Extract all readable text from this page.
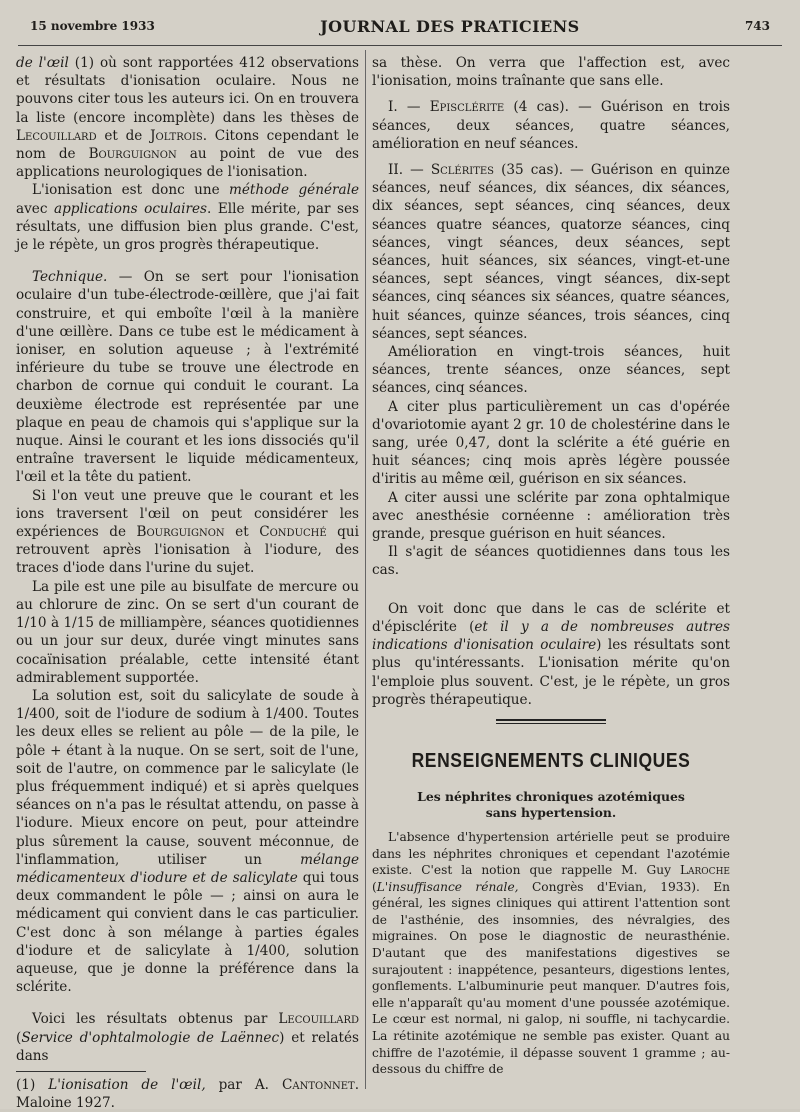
15 novembre 1933	JOURNAL DES PRATICIENS	743

de l'œil (1) où sont rapportées 412 observations et résultats d'ionisation oculaire. Nous ne pouvons citer tous les auteurs ici. On en trouvera la liste (encore incomplète) dans les thèses de Lecouillard et de Joltrois. Citons cependant le nom de Bourguignon au point de vue des applications neurologiques de l'ionisation.

L'ionisation est donc une méthode générale avec applications oculaires. Elle mérite, par ses résultats, une diffusion bien plus grande. C'est, je le répète, un gros progrès thérapeutique.

Technique. — On se sert pour l'ionisation oculaire d'un tube-électrode-œillère, que j'ai fait construire, et qui emboîte l'œil à la manière d'une œillère. Dans ce tube est le médicament à ioniser, en solution aqueuse ; à l'extrémité inférieure du tube se trouve une électrode en charbon de cornue qui conduit le courant. La deuxième électrode est représentée par une plaque en peau de chamois qui s'applique sur la nuque. Ainsi le courant et les ions dissociés qu'il entraîne traversent le liquide médicamenteux, l'œil et la tête du patient.

Si l'on veut une preuve que le courant et les ions traversent l'œil on peut considérer les expériences de Bourguignon et Conduché qui retrouvent après l'ionisation à l'iodure, des traces d'iode dans l'urine du sujet.

La pile est une pile au bisulfate de mercure ou au chlorure de zinc. On se sert d'un courant de 1/10 à 1/15 de milliampère, séances quotidiennes ou un jour sur deux, durée vingt minutes sans cocaïnisation préalable, cette intensité étant admirablement supportée.

La solution est, soit du salicylate de soude à 1/400, soit de l'iodure de sodium à 1/400. Toutes les deux elles se relient au pôle — de la pile, le pôle + étant à la nuque. On se sert, soit de l'une, soit de l'autre, on commence par le salicylate (le plus fréquemment indiqué) et si après quelques séances on n'a pas le résultat attendu, on passe à l'iodure. Mieux encore on peut, pour atteindre plus sûrement la cause, souvent méconnue, de l'inflammation, utiliser un mélange médicamenteux d'iodure et de salicylate qui tous deux commandent le pôle — ; ainsi on aura le médicament qui convient dans le cas particulier. C'est donc à son mélange à parties égales d'iodure et de salicylate à 1/400, solution aqueuse, que je donne la préférence dans la sclérite.

Voici les résultats obtenus par Lecouillard (Service d'ophtalmologie de Laënnec) et relatés dans

(1) L'ionisation de l'œil, par A. Cantonnet. Maloine 1927.

sa thèse. On verra que l'affection est, avec l'ionisation, moins traînante que sans elle.

I. — Episclérite (4 cas). — Guérison en trois séances, deux séances, quatre séances, amélioration en neuf séances.

II. — Sclérites (35 cas). — Guérison en quinze séances, neuf séances, dix séances, dix séances, dix séances, sept séances, cinq séances, deux séances quatre séances, quatorze séances, cinq séances, vingt séances, deux séances, sept séances, huit séances, six séances, vingt-et-une séances, sept séances, vingt séances, dix-sept séances, cinq séances six séances, quatre séances, huit séances, quinze séances, trois séances, cinq séances, sept séances.

Amélioration en vingt-trois séances, huit séances, trente séances, onze séances, sept séances, cinq séances.

A citer plus particulièrement un cas d'opérée d'ovariotomie ayant 2 gr. 10 de cholestérine dans le sang, urée 0,47, dont la sclérite a été guérie en huit séances; cinq mois après légère poussée d'iritis au même œil, guérison en six séances.

A citer aussi une sclérite par zona ophtalmique avec anesthésie cornéenne : amélioration très grande, presque guérison en huit séances.

Il s'agit de séances quotidiennes dans tous les cas.

On voit donc que dans le cas de sclérite et d'épisclérite (et il y a de nombreuses autres indications d'ionisation oculaire) les résultats sont plus qu'intéressants. L'ionisation mérite qu'on l'emploie plus souvent. C'est, je le répète, un gros progrès thérapeutique.

RENSEIGNEMENTS CLINIQUES
Les néphrites chroniques azotémiques
sans hypertension.

L'absence d'hypertension artérielle peut se produire dans les néphrites chroniques et cependant l'azotémie existe. C'est la notion que rappelle M. Guy Laroche (L'insuffisance rénale, Congrès d'Evian, 1933). En général, les signes cliniques qui attirent l'attention sont de l'asthénie, des insomnies, des névralgies, des migraines. On pose le diagnostic de neurasthénie. D'autant que des manifestations digestives se surajoutent : inappétence, pesanteurs, digestions lentes, gonflements. L'albuminurie peut manquer. D'autres fois, elle n'apparaît qu'au moment d'une poussée azotémique. Le cœur est normal, ni galop, ni souffle, ni tachycardie. La rétinite azotémique ne semble pas exister. Quant au chiffre de l'azotémie, il dépasse souvent 1 gramme ; au-dessous du chiffre de
